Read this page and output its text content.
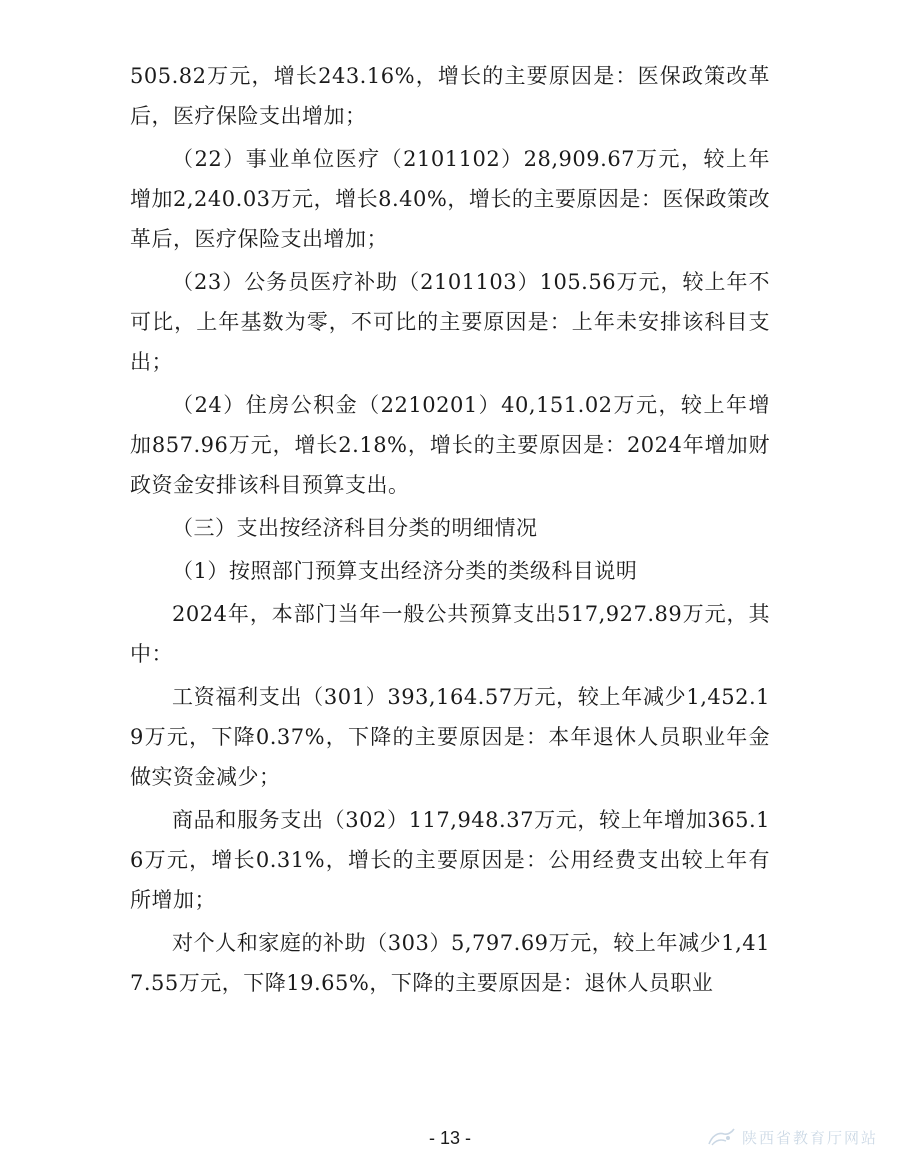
505.82万元，增长243.16%，增长的主要原因是：医保政策改革后，医疗保险支出增加；

（22）事业单位医疗（2101102）28,909.67万元，较上年增加2,240.03万元，增长8.40%，增长的主要原因是：医保政策改革后，医疗保险支出增加；

（23）公务员医疗补助（2101103）105.56万元，较上年不可比，上年基数为零，不可比的主要原因是：上年未安排该科目支出；

（24）住房公积金（2210201）40,151.02万元，较上年增加857.96万元，增长2.18%，增长的主要原因是：2024年增加财政资金安排该科目预算支出。

（三）支出按经济科目分类的明细情况

（1）按照部门预算支出经济分类的类级科目说明

2024年，本部门当年一般公共预算支出517,927.89万元，其中：

工资福利支出（301）393,164.57万元，较上年减少1,452.19万元，下降0.37%，下降的主要原因是：本年退休人员职业年金做实资金减少；

商品和服务支出（302）117,948.37万元，较上年增加365.16万元，增长0.31%，增长的主要原因是：公用经费支出较上年有所增加；

对个人和家庭的补助（303）5,797.69万元，较上年减少1,417.55万元，下降19.65%，下降的主要原因是：退休人员职业

- 13 -	陕西省教育厅网站
